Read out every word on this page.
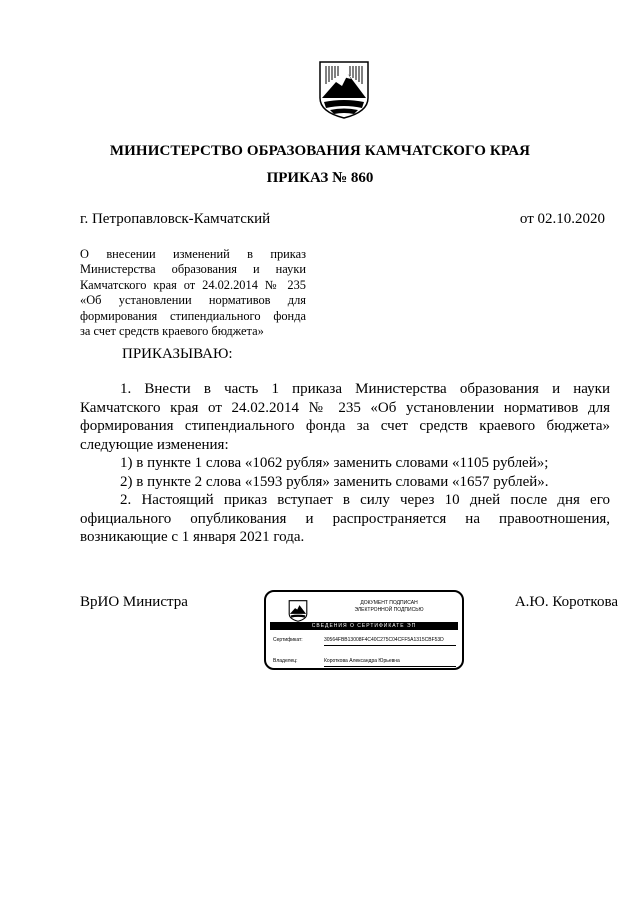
МИНИСТЕРСТВО ОБРАЗОВАНИЯ КАМЧАТСКОГО КРАЯ
ПРИКАЗ № 860
г. Петропавловск-Камчатский	от 02.10.2020
О внесении изменений в приказ
Министерства образования и науки
Камчатского края от 24.02.2014 № 235
«Об установлении нормативов для
формирования стипендиального фонда
за счет средств краевого бюджета»
ПРИКАЗЫВАЮ:

1. Внести в часть 1 приказа Министерства образования и науки

Камчатского края от 24.02.2014 № 235 «Об установлении нормативов для

формирования стипендиального фонда за счет средств краевого бюджета»

следующие изменения:

1) в пункте 1 слова «1062 рубля» заменить словами «1105 рублей»;

2) в пункте 2 слова «1593 рубля» заменить словами «1657 рублей».

2. Настоящий приказ вступает в силу через 10 дней после дня его

официального опубликования и распространяется на правоотношения,

возникающие с 1 января 2021 года.

ВрИО Министра	А.Ю. Короткова
ДОКУМЕНТ ПОДПИСАН
ЭЛЕКТРОННОЙ ПОДПИСЬЮ
СВЕДЕНИЯ О СЕРТИФИКАТЕ ЭП
Сертификат:	30564FBB13008F4C40C275C04CFF5A1315CBF53D
Владелец:	Короткова Александра Юрьевна
